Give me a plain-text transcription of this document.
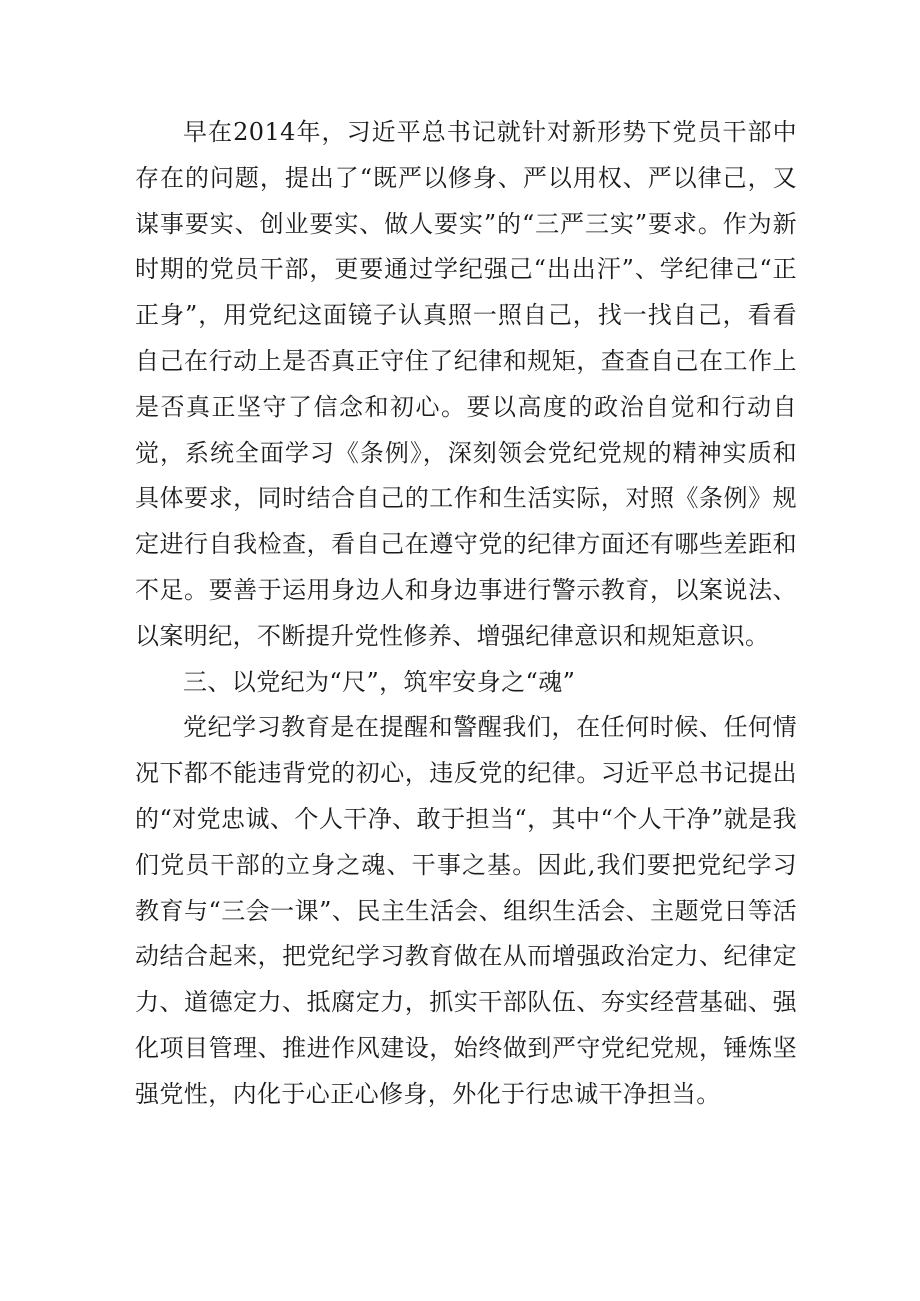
早在2014年，习近平总书记就针对新形势下党员干部中存在的问题，提出了“既严以修身、严以用权、严以律己，又谋事要实、创业要实、做人要实”的“三严三实”要求。作为新时期的党员干部，更要通过学纪强己“出出汗”、学纪律己“正正身”，用党纪这面镜子认真照一照自己，找一找自己，看看自己在行动上是否真正守住了纪律和规矩，查查自己在工作上是否真正坚守了信念和初心。要以高度的政治自觉和行动自觉，系统全面学习《条例》，深刻领会党纪党规的精神实质和具体要求，同时结合自己的工作和生活实际，对照《条例》规定进行自我检查，看自己在遵守党的纪律方面还有哪些差距和不足。要善于运用身边人和身边事进行警示教育，以案说法、以案明纪，不断提升党性修养、增强纪律意识和规矩意识。

三、以党纪为“尺”，筑牢安身之“魂”

党纪学习教育是在提醒和警醒我们，在任何时候、任何情况下都不能违背党的初心，违反党的纪律。习近平总书记提出的“对党忠诚、个人干净、敢于担当“，其中“个人干净”就是我们党员干部的立身之魂、干事之基。因此,我们要把党纪学习教育与“三会一课”、民主生活会、组织生活会、主题党日等活动结合起来，把党纪学习教育做在从而增强政治定力、纪律定力、道德定力、抵腐定力，抓实干部队伍、夯实经营基础、强化项目管理、推进作风建设，始终做到严守党纪党规，锤炼坚强党性，内化于心正心修身，外化于行忠诚干净担当。
